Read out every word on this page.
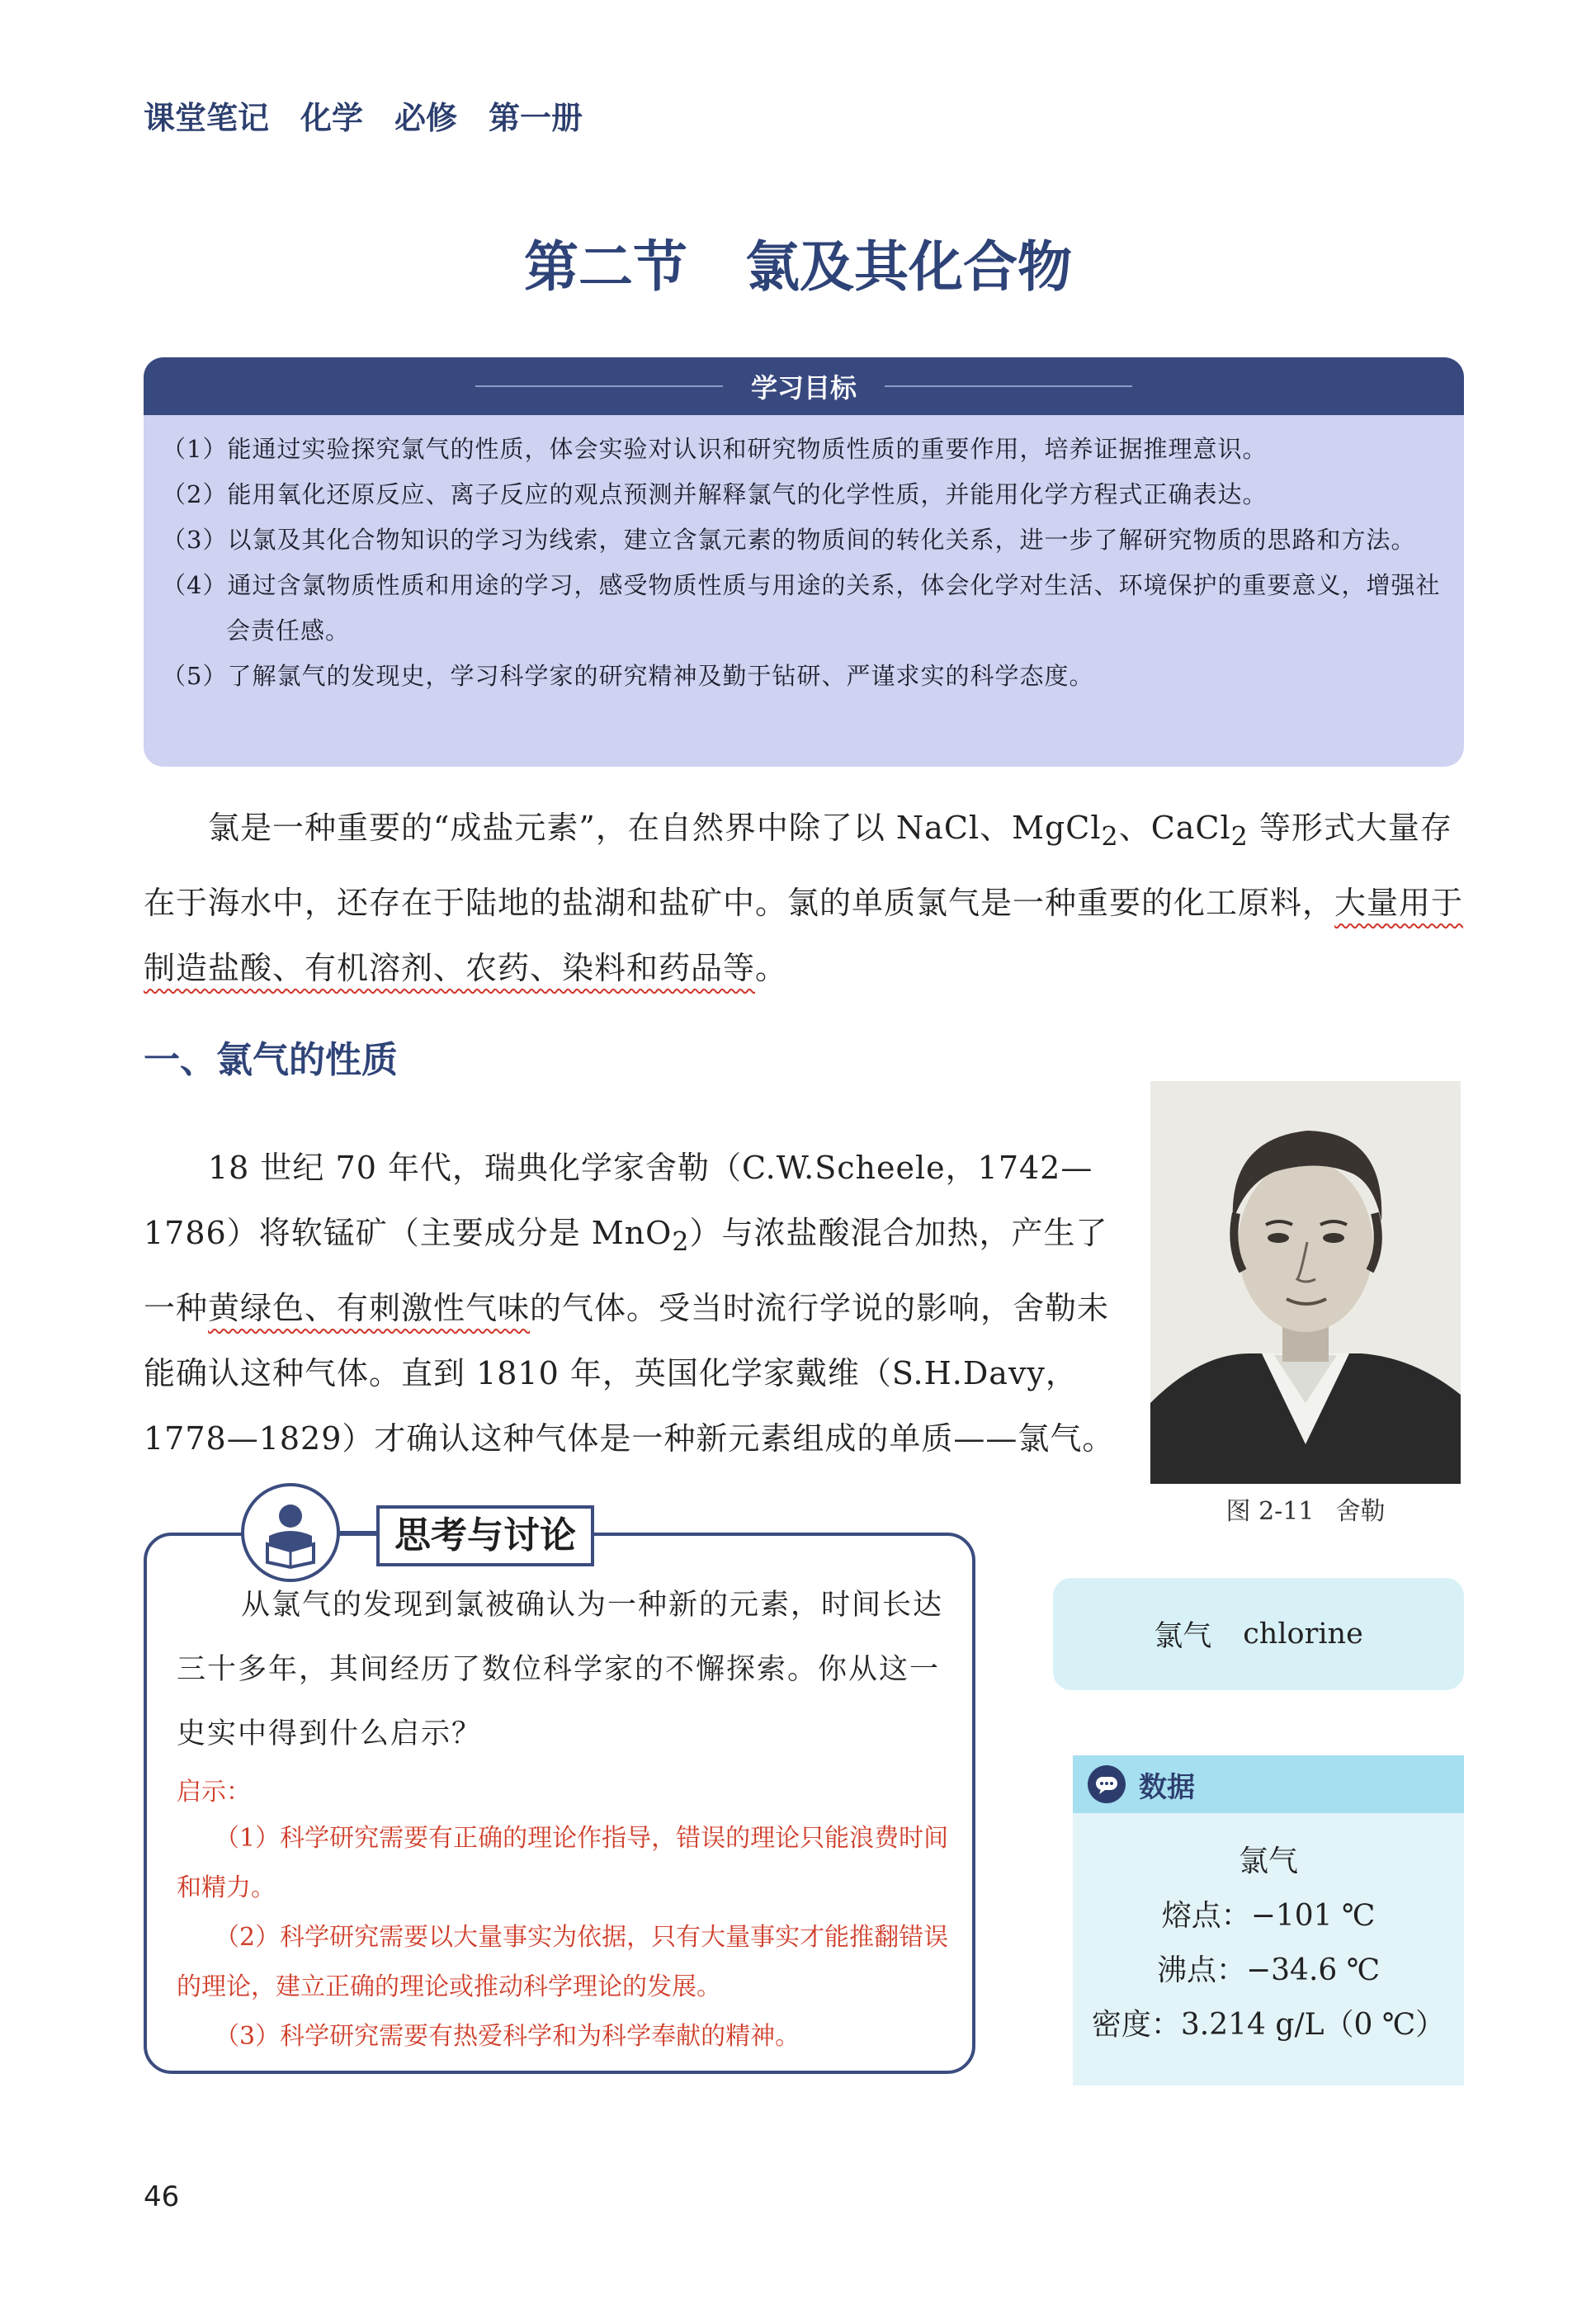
课堂笔记 化学 必修 第一册
第二节 氯及其化合物
学习目标
（1）能通过实验探究氯气的性质，体会实验对认识和研究物质性质的重要作用，培养证据推理意识。
（2）能用氧化还原反应、离子反应的观点预测并解释氯气的化学性质，并能用化学方程式正确表达。
（3）以氯及其化合物知识的学习为线索，建立含氯元素的物质间的转化关系，进一步了解研究物质的思路和方法。
（4）通过含氯物质性质和用途的学习，感受物质性质与用途的关系，体会化学对生活、环境保护的重要意义，增强社会责任感。
（5）了解氯气的发现史，学习科学家的研究精神及勤于钻研、严谨求实的科学态度。
氯是一种重要的“成盐元素”，在自然界中除了以 NaCl、MgCl$_2$、CaCl$_2$ 等形式大量存在于海水中，还存在于陆地的盐湖和盐矿中。氯的单质氯气是一种重要的化工原料，大量用于制造盐酸、有机溶剂、农药、染料和药品等。
一、氯气的性质
18 世纪 70 年代，瑞典化学家舍勒（C.W.Scheele，1742—1786）将软锰矿（主要成分是 MnO$_2$）与浓盐酸混合加热，产生了一种黄绿色、有刺激性气味的气体。受当时流行学说的影响，舍勒未能确认这种气体。直到 1810 年，英国化学家戴维（S.H.Davy，1778—1829）才确认这种气体是一种新元素组成的单质——氯气。
图 2-11 舍勒
思考与讨论
从氯气的发现到氯被确认为一种新的元素，时间长达三十多年，其间经历了数位科学家的不懈探索。你从这一史实中得到什么启示？
启示：
（1）科学研究需要有正确的理论作指导，错误的理论只能浪费时间和精力。
（2）科学研究需要以大量事实为依据，只有大量事实才能推翻错误的理论，建立正确的理论或推动科学理论的发展。
（3）科学研究需要有热爱科学和为科学奉献的精神。
氯气 chlorine
数据
氯气
熔点：−101 ℃
沸点：−34.6 ℃
密度：3.214 g/L（0 ℃）
46
